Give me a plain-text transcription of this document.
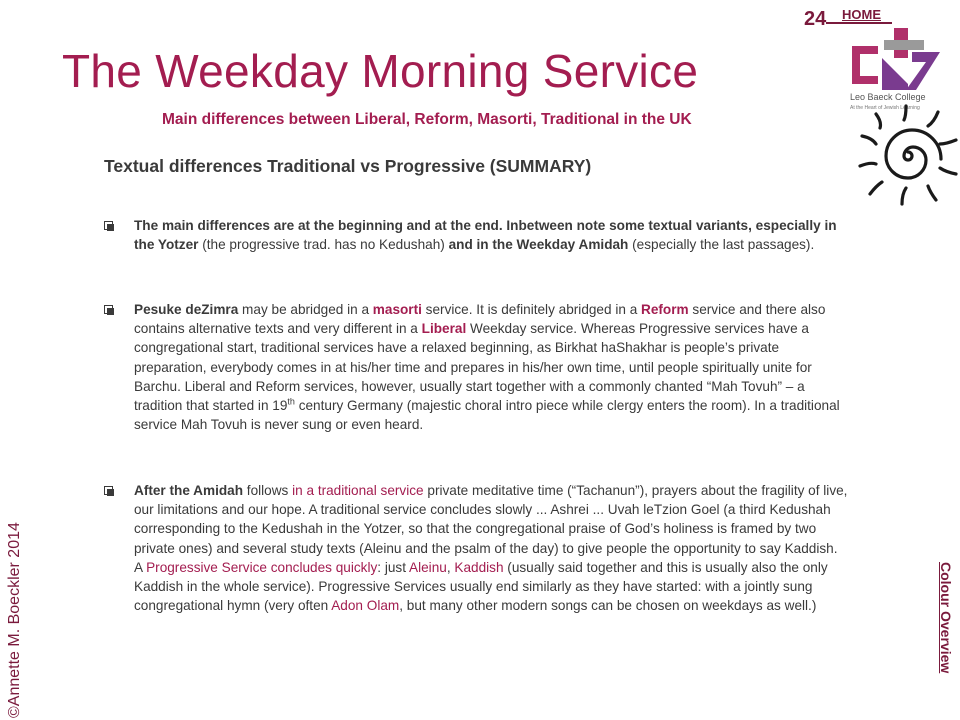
24 HOME
The Weekday Morning Service
Main differences between Liberal, Reform, Masorti, Traditional in the UK
Leo Baeck College
At the Heart of Jewish Learning
Textual differences Traditional vs Progressive (SUMMARY)
The main differences are at the beginning and at the end. Inbetween note some textual variants, especially in the Yotzer (the progressive trad. has no Kedushah) and in the Weekday Amidah (especially the last passages).
Pesuke deZimra may be abridged in a masorti service. It is definitely abridged in a Reform service and there also contains alternative texts and very different in a Liberal Weekday service. Whereas Progressive services have a congregational start, traditional services have a relaxed beginning, as Birkhat haShakhar is people’s private preparation, everybody comes in at his/her time and prepares in his/her own time, until people spiritually unite for Barchu. Liberal and Reform services, however, usually start together with a commonly chanted “Mah Tovuh” – a tradition that started in 19th century Germany (majestic choral intro piece while clergy enters the room). In a traditional service Mah Tovuh is never sung or even heard.
After the Amidah follows in a traditional service private meditative time (“Tachanun”), prayers about the fragility of live, our limitations and our hope. A traditional service concludes slowly ... Ashrei ... Uvah leTzion Goel (a third Kedushah corresponding to the Kedushah in the Yotzer, so that the congregational praise of God’s holiness is framed by two private ones) and several study texts (Aleinu and the psalm of the day) to give people the opportunity to say Kaddish.
A Progressive Service concludes quickly: just Aleinu, Kaddish (usually said together and this is usually also the only Kaddish in the whole service). Progressive Services usually end similarly as they have started: with a jointly sung congregational hymn (very often Adon Olam, but many other modern songs can be chosen on weekdays as well.)
©Annette M. Boeckler 2014	Colour Overview
